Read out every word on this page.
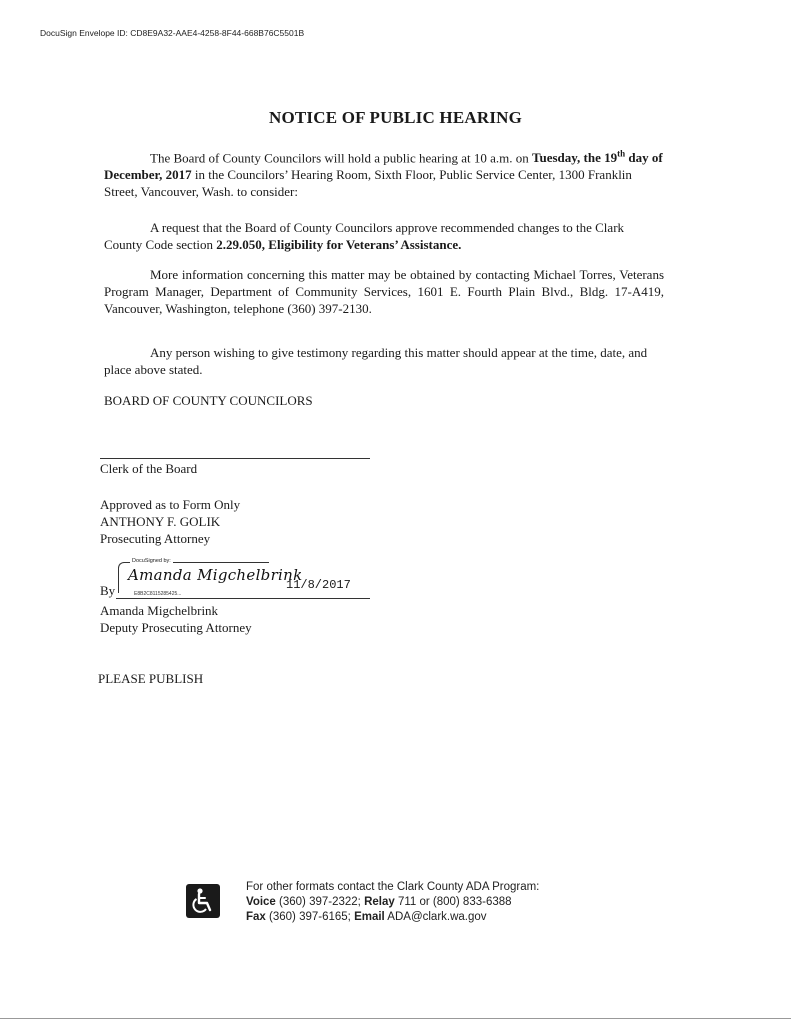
DocuSign Envelope ID: CD8E9A32-AAE4-4258-8F44-668B76C5501B
NOTICE OF PUBLIC HEARING
The Board of County Councilors will hold a public hearing at 10 a.m. on Tuesday, the 19th day of December, 2017 in the Councilors’ Hearing Room, Sixth Floor, Public Service Center, 1300 Franklin Street, Vancouver, Wash. to consider:
A request that the Board of County Councilors approve recommended changes to the Clark County Code section 2.29.050, Eligibility for Veterans’ Assistance.
More information concerning this matter may be obtained by contacting Michael Torres, Veterans Program Manager, Department of Community Services, 1601 E. Fourth Plain Blvd., Bldg. 17-A419, Vancouver, Washington, telephone (360) 397-2130.
Any person wishing to give testimony regarding this matter should appear at the time, date, and place above stated.
BOARD OF COUNTY COUNCILORS
Clerk of the Board
Approved as to Form Only
ANTHONY F. GOLIK
Prosecuting Attorney
DocuSigned by:
Amanda Migchelbrink
11/8/2017
By	E8B2C8115285425...
Amanda Migchelbrink
Deputy Prosecuting Attorney
PLEASE PUBLISH
For other formats contact the Clark County ADA Program:
Voice (360) 397-2322; Relay 711 or (800) 833-6388
Fax (360) 397-6165; Email ADA@clark.wa.gov
